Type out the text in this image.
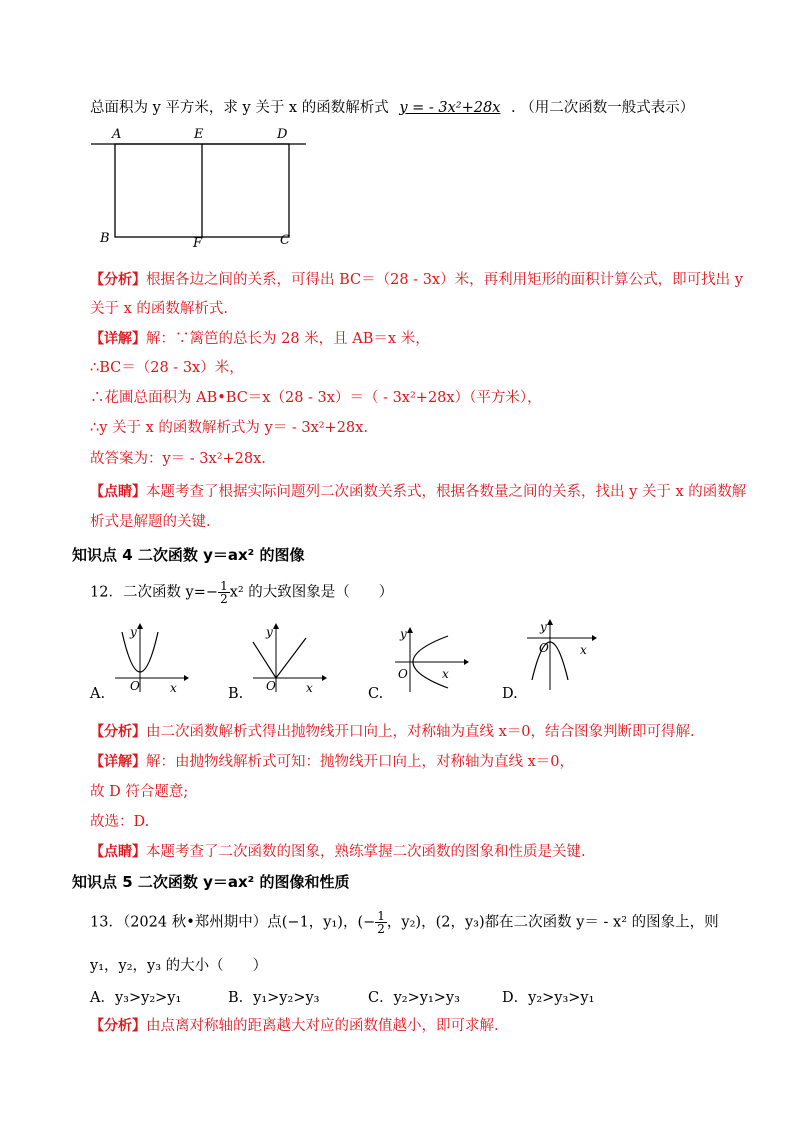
总面积为 y 平方米，求 y 关于 x 的函数解析式 y = - 3x²+28x . （用二次函数一般式表示）
A	E	D
B	F	C
【分析】根据各边之间的关系，可得出 BC＝（28 - 3x）米，再利用矩形的面积计算公式，即可找出 y
关于 x 的函数解析式.
【详解】解：∵篱笆的总长为 28 米，且 AB＝x 米，
∴BC＝（28 - 3x）米，
∴花圃总面积为 AB•BC＝x（28 - 3x）＝（ - 3x²+28x）（平方米），
∴y 关于 x 的函数解析式为 y＝ - 3x²+28x.
故答案为：y＝ - 3x²+28x.
【点睛】本题考查了根据实际问题列二次函数关系式，根据各数量之间的关系，找出 y 关于 x 的函数解
析式是解题的关键.
知识点 4 二次函数 y＝ax² 的图像
12．二次函数 $y=- \frac{1}{2} x^2$ 的大致图象是（　　）
y
O	x
A.
y
O	x
B.
y
O	x
C.
y
O	x
D.
【分析】由二次函数解析式得出抛物线开口向上，对称轴为直线 x＝0，结合图象判断即可得解.
【详解】解：由抛物线解析式可知：抛物线开口向上，对称轴为直线 x＝0，
故 D 符合题意;
故选：D.
【点睛】本题考查了二次函数的图象，熟练掌握二次函数的图象和性质是关键.
知识点 5 二次函数 y＝ax² 的图像和性质
13．（2024 秋•郑州期中）点(−1，y₁)，(− $\frac{1}{2}$ ，y₂)，(2，y₃)都在二次函数 y＝ - x² 的图象上，则
y₁，y₂，y₃ 的大小（　　）
A．y₃>y₂>y₁	B．y₁>y₂>y₃	C．y₂>y₁>y₃	D．y₂>y₃>y₁
【分析】由点离对称轴的距离越大对应的函数值越小，即可求解.
